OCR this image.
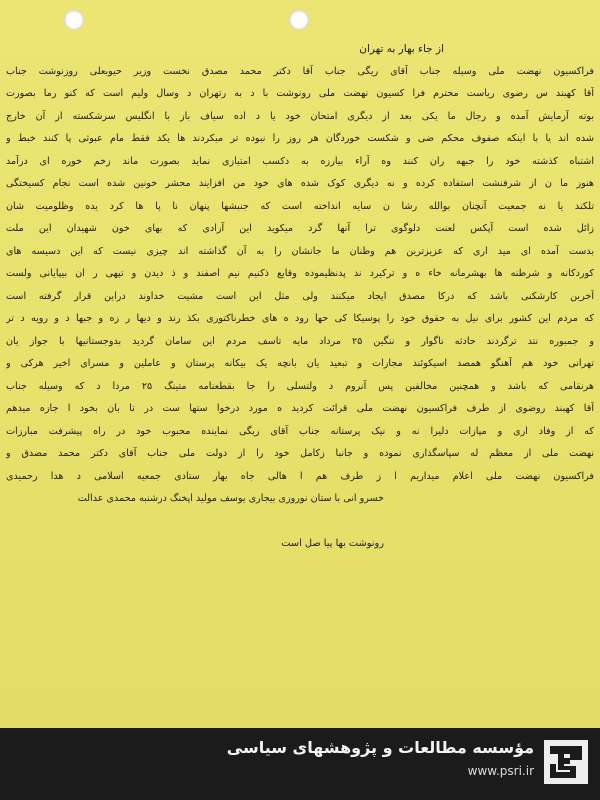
از جاء بهار به تهران
فراکسیون نهضت ملی وسیله جناب آقای ریگی جناب آقا دکتر محمد مصدق نخست وزیر حیوبعلی روزنوشت جناب
آقا کهبند س رضوی ریاست محترم فرا کسیون نهضت ملی رونوشت با د به رتهران د وسال ولیم است که کنو رما بصورت
بوته آزمایش آمده و رجال ما یکی بعد از دیگری امتحان خود یا د اده سیاف باز با انگلیس سرشکسته از آن خارج
شده اند یا با اینکه صفوف محکم ضی و شکست خوردگان هر روز را نبوده تر میکردند ها یکد فقط مام عبوثی پا کنند خبط و
اشتباه کذشته خود را جبهه ران کنند وه آراء بیارزه به دکسب امتیازی نماید بصورت ماند زخم خوره ای درآمد
هنوز ما ن از شرفنشت استفاده کرده و نه دیگری کوک شده های خود من افزایند محشر خونین شده است نجام کسیختگی
تلکند یا نه جمعیت آنچنان بوالله رشا ن سایه انداخته است که جنبشها پنهان نا پا ها کرد یده وظلومیت شان
زائل شده است آپکس لعنت دلوگوی ترا آنها گرد میکوید این آزادی که بهای خون شهیدان این ملت
بدست آمده ای مید اری که عزیزترین هم وطنان ما جانشان را به آن گذاشته اند چیزی نیست که این دسیسه های
کوردکانه و شرطنه ها بهشرمانه خاء ه و ترکیرد ند پدنظیموده وقایع ذکنیم نیم اصفند و ذ دیدن و تپهی ر ان بیپایانی ولست
آخرین کارشکنی باشد که درکا مصدق ایجاد میکنند ولی مثل این است مشیت خداوند دراین قرار گرفته است
که مردم این کشور برای نیل به حقوق خود را پوسیکا کی حها رود ه های خطرناکتوری بکذ رند و دیها ر زه و جبها د و رویه د تر
و جمبوره نتد ترگردند حادثه ناگوار و ننگین ۲۵ مرداد مایه تاسف مردم این سامان گردید بدوجستانیها با جواز یان
تهرانی خود هم آهنگو همصد اسیکوئند مجازات و تبعید یان بانچه یک بیکانه پرستان و عاملین و مسرای اخیر هرکی و
هرنقامی که باشد و همچنین مخالفین پس آنروم د ولتسلی را جا بقطعنامه متینگ ۲۵ مردا د که وسیله جناب
آقا کهبند روضوی از طرف فراکسیون نهضت ملی قرائت کردید ه مورد درخوا ستها ست در تا بان بخود ا جازه میدهم
که از وفاد اری و مپازات دلیرا نه و نیک پرستانه جناب آقای ریگی نماینده محبوب خود در راه پیشرفت مبارزات
نهضت ملی از معظم له سپاسگذاری نموده و جانبا زکامل خود را از دولت ملی جناب آقای دکتر محمد مصدق و
فراکسیون نهضت ملی اعلام میداریم ا ز طرف هم ا هالی جاه بهار ستادی جمعیه اسلامی د هدا رحمیدی
خسرو انی با ستان نوروزی بیجاری یوسف مولید اپخنگ درشنبه محمدی عدالت
رونوشت بها پیا صل است
مؤسسه مطالعات و پژوهشهای سیاسی
www.psri.ir
